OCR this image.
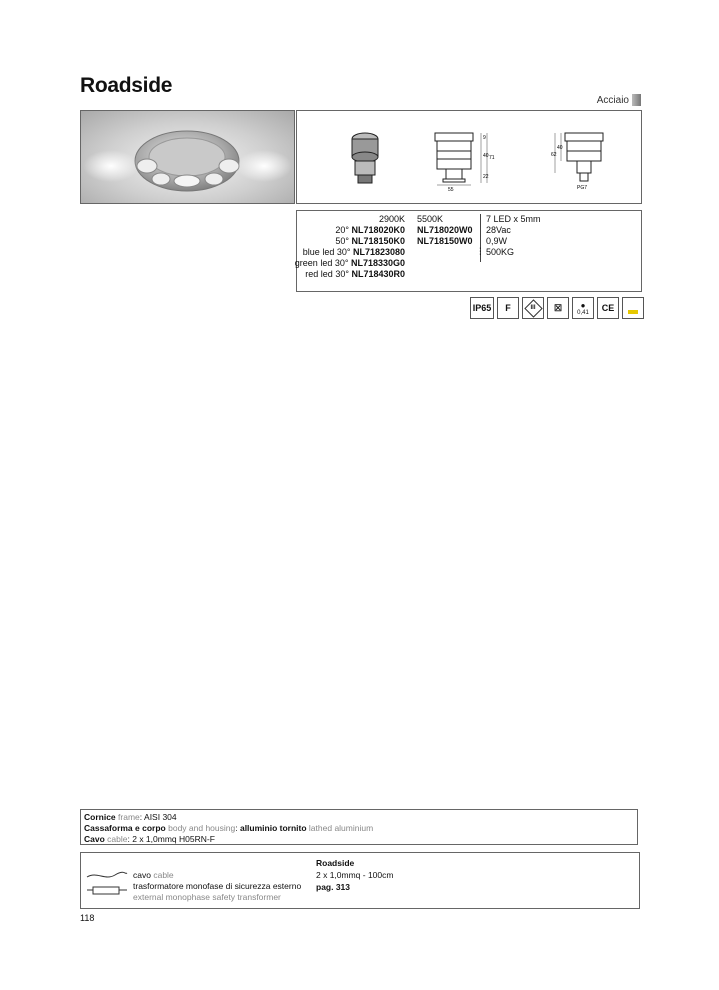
Roadside
Acciaio
9
40 71
22
55
62
40
PG7
2900K 5500K	7 LED x 5mm
20° NL718020K0 NL718020W0 28Vac
50° NL718150K0 NL718150W0 0,9W
blue led 30° NL71823080	⫶ 500KG
green led 30° NL718330G0
red led 30° NL718430R0
IP65	F	III	☒	●
0,41	CE
Cornice frame: AISI 304
Cassaforma e corpo body and housing: alluminio tornito lathed aluminium
Cavo cable: 2 x 1,0mmq H05RN-F
cavo cable
trasformatore monofase di sicurezza esterno
external monophase safety transformer
Roadside
2 x 1,0mmq - 100cm
pag. 313
118
